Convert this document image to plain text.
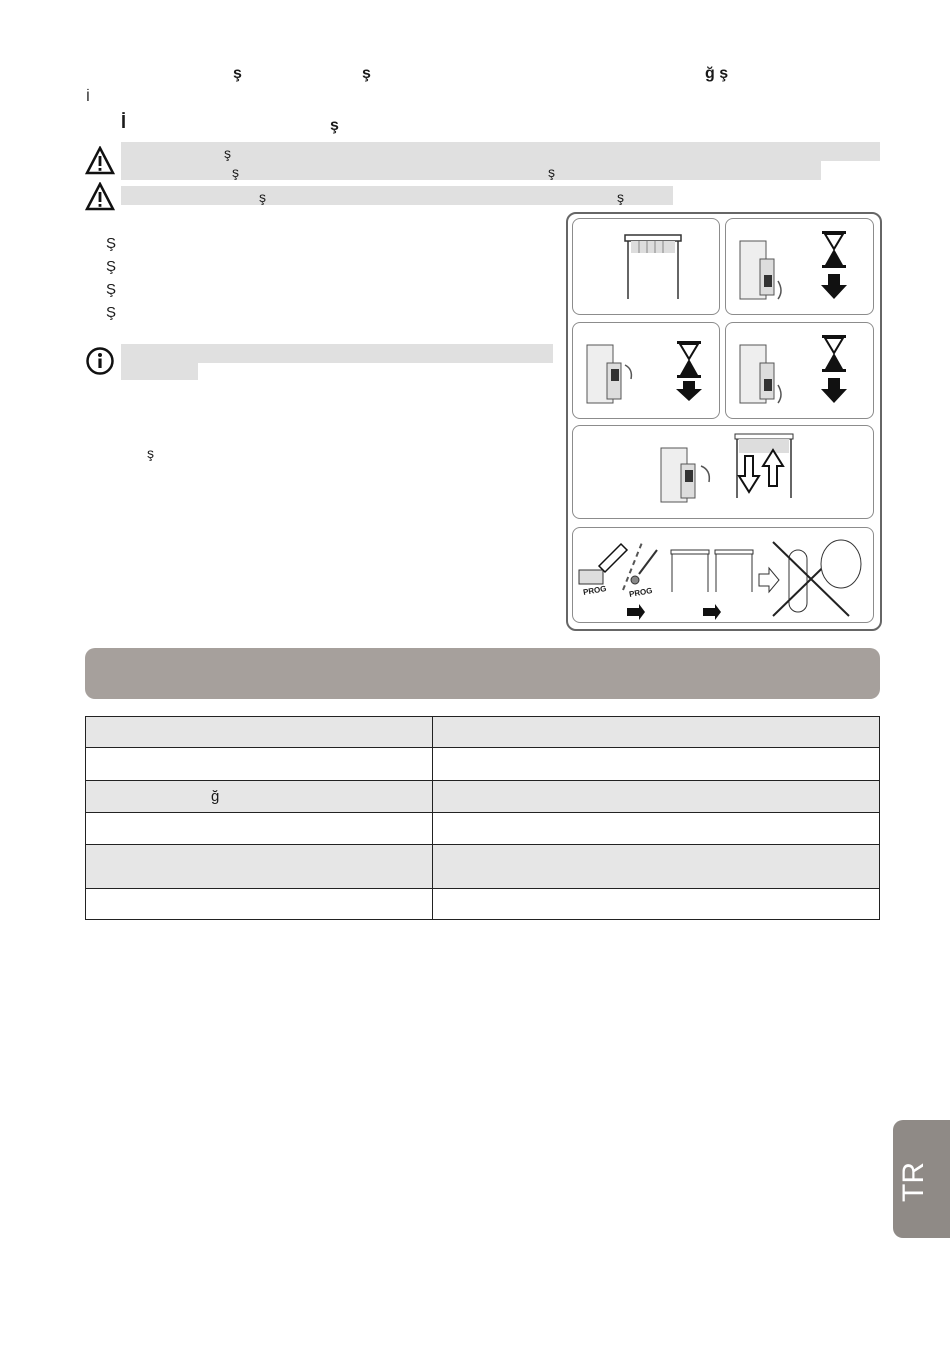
ş	ş	ğ ş
İ
İ	ş
ş
ş	ş
ş	ş
Ş
Ş
Ş
Ş
ş
PROG	PROG

ğ	

TR
